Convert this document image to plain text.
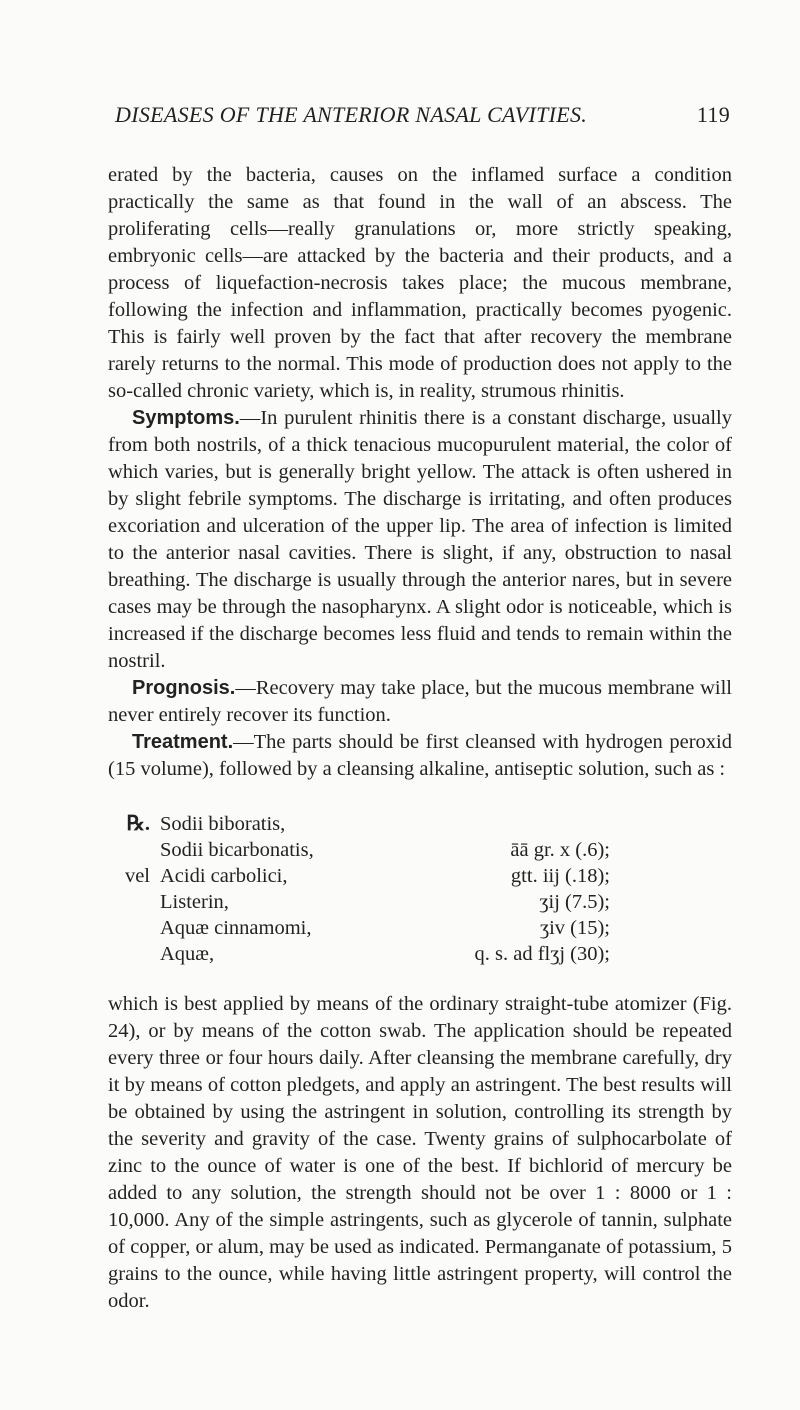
DISEASES OF THE ANTERIOR NASAL CAVITIES.	119

erated by the bacteria, causes on the inflamed surface a condition practically the same as that found in the wall of an abscess. The proliferating cells—really granulations or, more strictly speaking, embryonic cells—are attacked by the bacteria and their products, and a process of liquefaction-necrosis takes place; the mucous membrane, following the infection and inflammation, practically becomes pyogenic. This is fairly well proven by the fact that after recovery the membrane rarely returns to the normal. This mode of production does not apply to the so-called chronic variety, which is, in reality, strumous rhinitis.

Symptoms.—In purulent rhinitis there is a constant discharge, usually from both nostrils, of a thick tenacious mucopurulent material, the color of which varies, but is generally bright yellow. The attack is often ushered in by slight febrile symptoms. The discharge is irritating, and often produces excoriation and ulceration of the upper lip. The area of infection is limited to the anterior nasal cavities. There is slight, if any, obstruction to nasal breathing. The discharge is usually through the anterior nares, but in severe cases may be through the nasopharynx. A slight odor is noticeable, which is increased if the discharge becomes less fluid and tends to remain within the nostril.

Prognosis.—Recovery may take place, but the mucous membrane will never entirely recover its function.

Treatment.—The parts should be first cleansed with hydrogen peroxid (15 volume), followed by a cleansing alkaline, antiseptic solution, such as :

℞. Sodii biboratis,
Sodii bicarbonatis,	āā gr. x (.6);
vel Acidi carbolici,	gtt. iij (.18);
Listerin,	ʒij (7.5);
Aquæ cinnamomi,	ʒiv (15);
Aquæ,	q. s. ad flʒj (30);

which is best applied by means of the ordinary straight-tube atomizer (Fig. 24), or by means of the cotton swab. The application should be repeated every three or four hours daily. After cleansing the membrane carefully, dry it by means of cotton pledgets, and apply an astringent. The best results will be obtained by using the astringent in solution, controlling its strength by the severity and gravity of the case. Twenty grains of sulphocarbolate of zinc to the ounce of water is one of the best. If bichlorid of mercury be added to any solution, the strength should not be over 1 : 8000 or 1 : 10,000. Any of the simple astringents, such as glycerole of tannin, sulphate of copper, or alum, may be used as indicated. Permanganate of potassium, 5 grains to the ounce, while having little astringent property, will control the odor.
